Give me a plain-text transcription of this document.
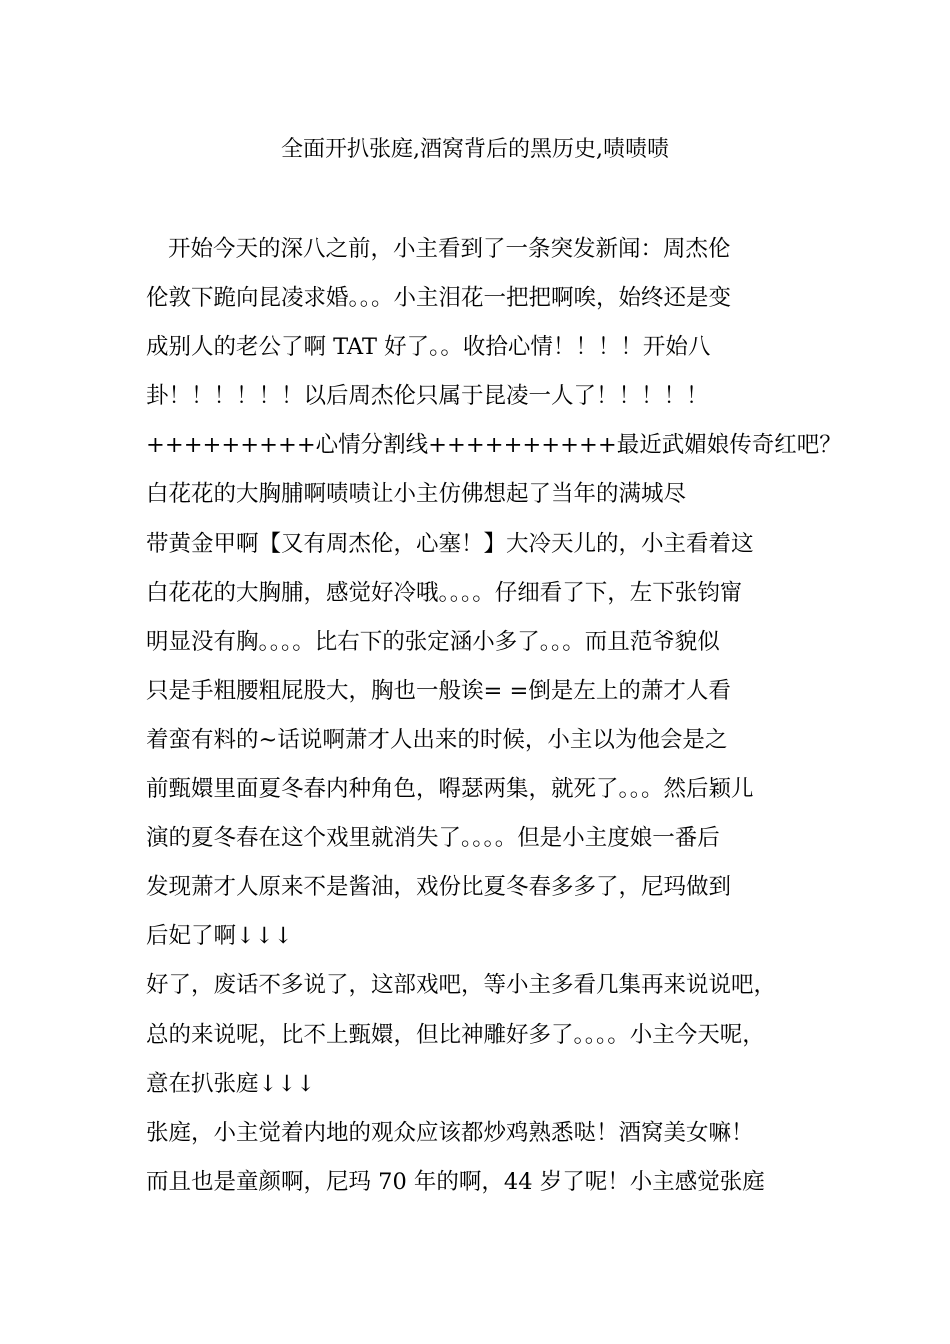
全面开扒张庭,酒窝背后的黑历史,啧啧啧
开始今天的深八之前，小主看到了一条突发新闻：周杰伦
伦敦下跪向昆凌求婚。。。小主泪花一把把啊唉，始终还是变
成别人的老公了啊 TAT 好了。。收拾心情！！！！开始八
卦！！！！！！以后周杰伦只属于昆凌一人了！！！！！
+++++++++心情分割线++++++++++最近武媚娘传奇红吧？
白花花的大胸脯啊啧啧让小主仿佛想起了当年的满城尽
带黄金甲啊【又有周杰伦，心塞！】大冷天儿的，小主看着这
白花花的大胸脯，感觉好冷哦。。。。仔细看了下，左下张钧甯
明显没有胸。。。。比右下的张定涵小多了。。。而且范爷貌似
只是手粗腰粗屁股大，胸也一般诶= =倒是左上的萧才人看
着蛮有料的~话说啊萧才人出来的时候，小主以为他会是之
前甄嬛里面夏冬春内种角色，嘚瑟两集，就死了。。。然后颖儿
演的夏冬春在这个戏里就消失了。。。。但是小主度娘一番后
发现萧才人原来不是酱油，戏份比夏冬春多多了，尼玛做到
后妃了啊↓↓↓
好了，废话不多说了，这部戏吧，等小主多看几集再来说说吧，
总的来说呢，比不上甄嬛，但比神雕好多了。。。。小主今天呢，
意在扒张庭↓↓↓
张庭，小主觉着内地的观众应该都炒鸡熟悉哒！酒窝美女嘛！
而且也是童颜啊，尼玛 70 年的啊，44 岁了呢！小主感觉张庭
